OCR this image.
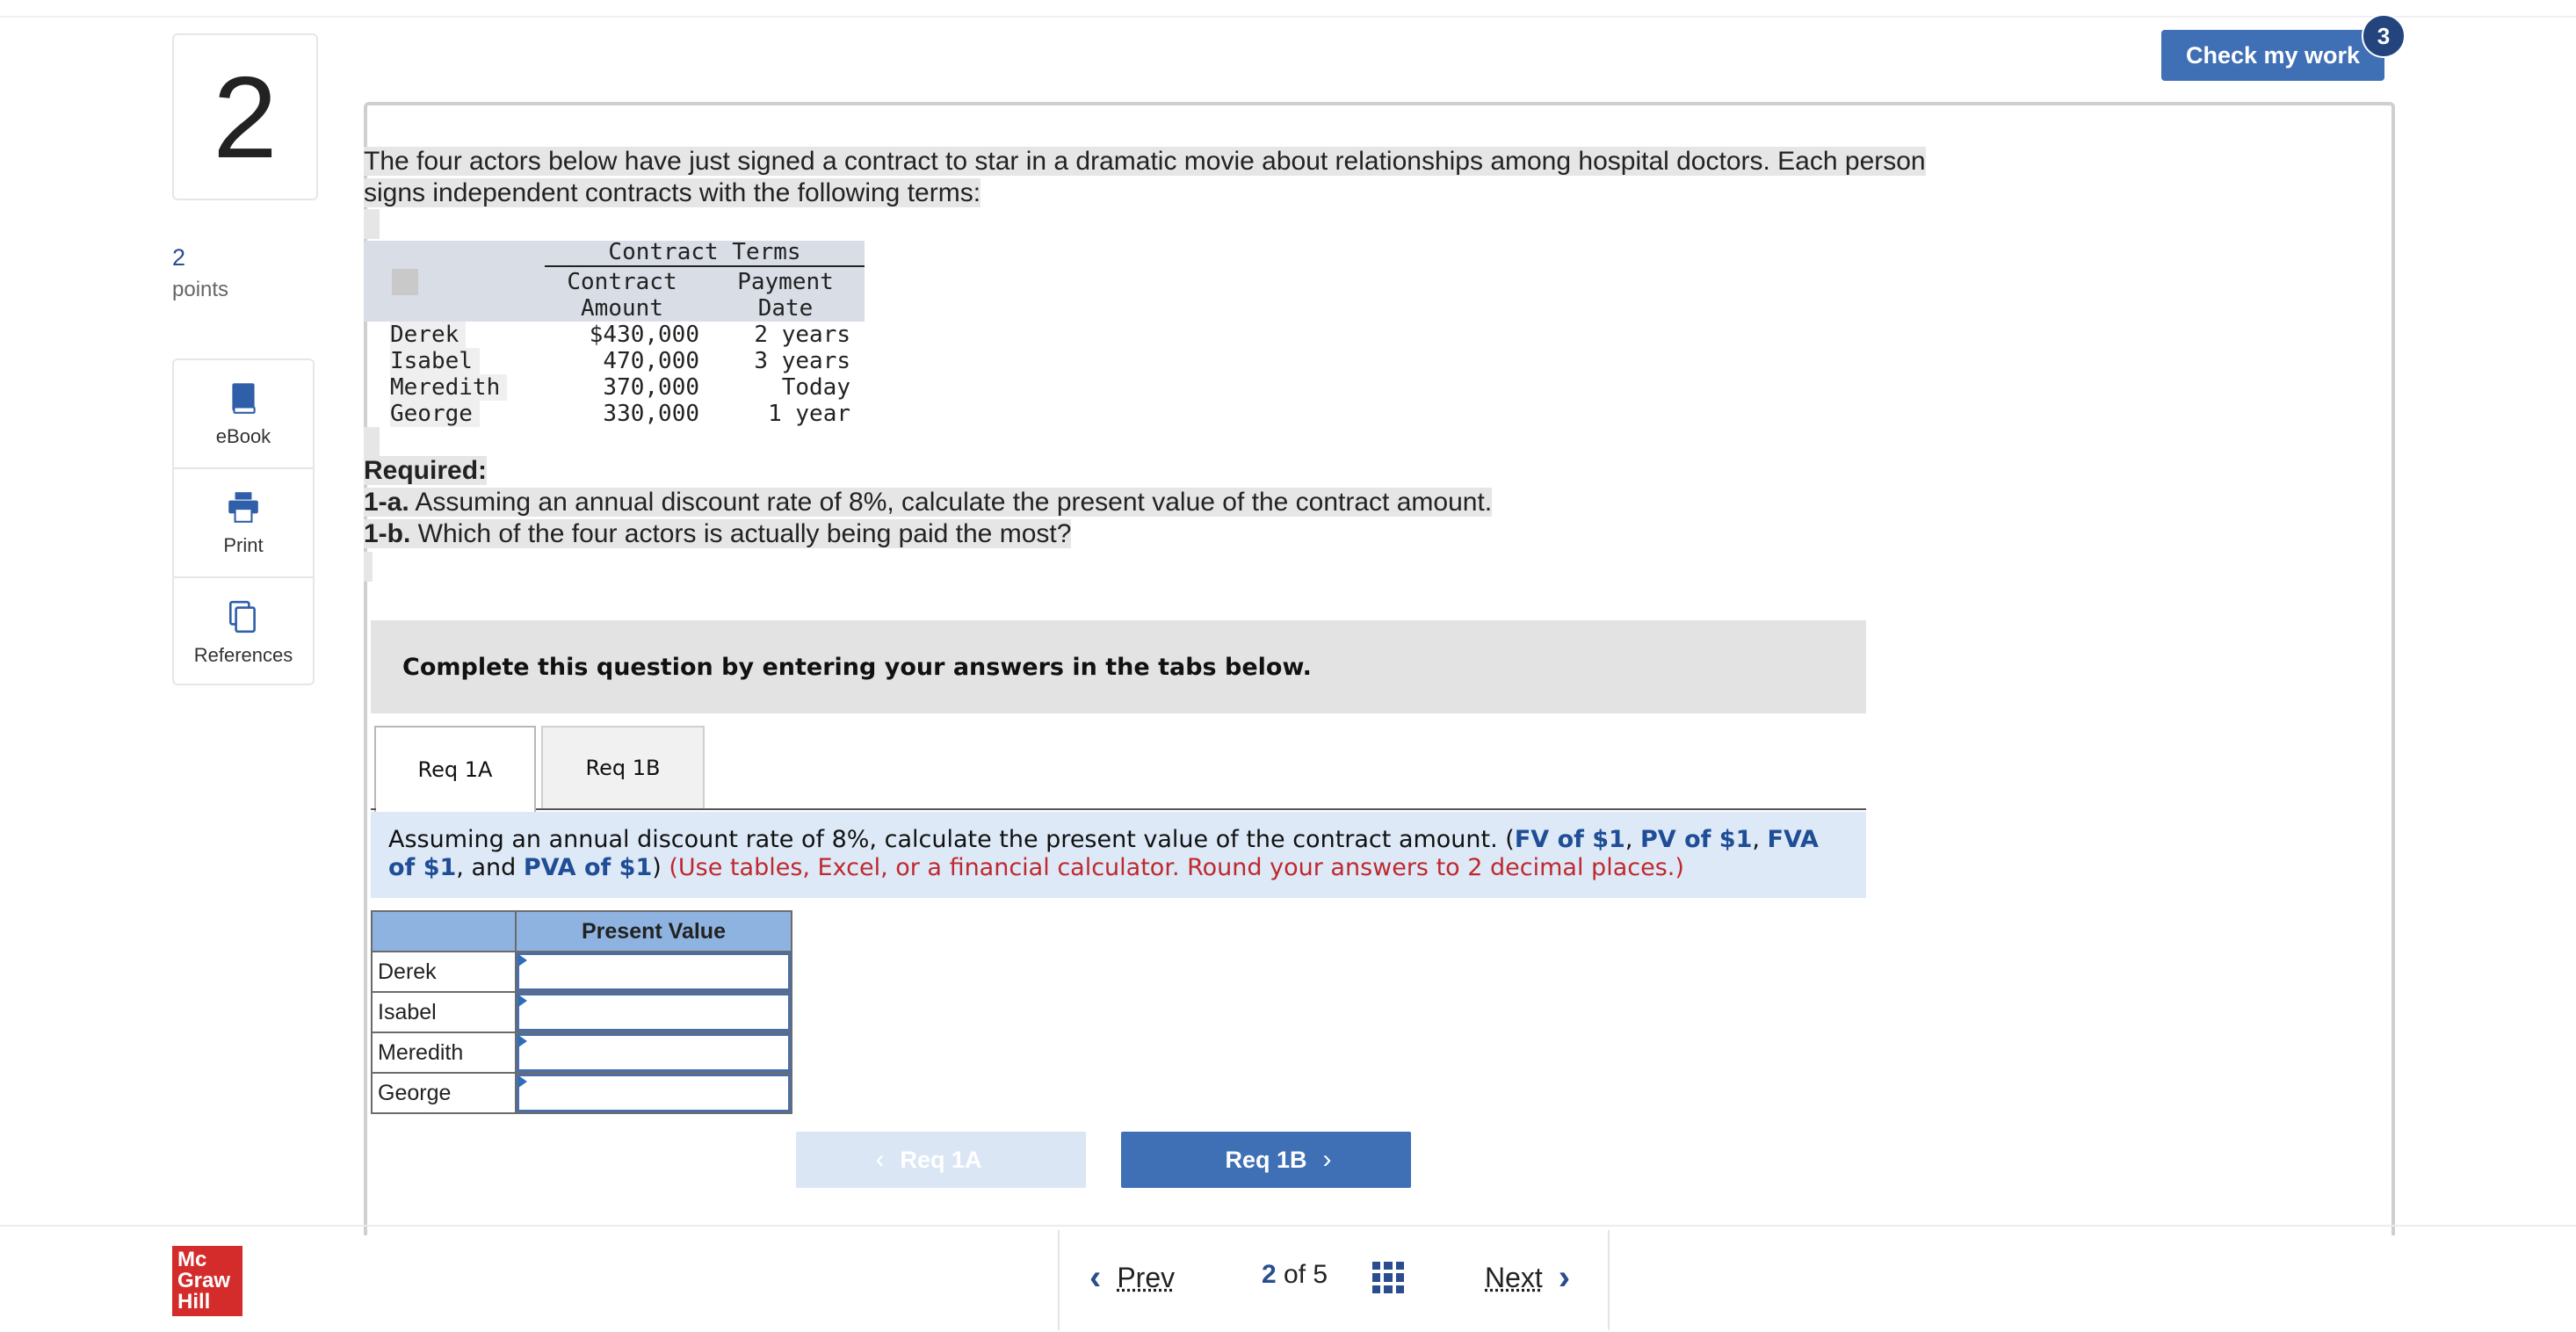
2
2
points
eBook
Print
References
Check my work
3
The four actors below have just signed a contract to star in a dramatic movie about relationships among hospital doctors. Each person
signs independent contracts with the following terms:
Contract Terms
Contract
Amount
Payment
Date
Derek	$430,000	2 years
Isabel	470,000	3 years
Meredith	370,000	Today
George	330,000	1 year
Required:
1-a. Assuming an annual discount rate of 8%, calculate the present value of the contract amount.
1-b. Which of the four actors is actually being paid the most?
Complete this question by entering your answers in the tabs below.
Req 1A	Req 1B
Assuming an annual discount rate of 8%, calculate the present value of the contract amount. (FV of $1, PV of $1, FVA of $1, and PVA of $1) (Use tables, Excel, or a financial calculator. Round your answers to 2 decimal places.)
	Present Value
Derek	

Isabel	

Meredith	

George	
‹ Req 1A	Req 1B ›
Mc
Graw
Hill
‹ Prev	2 of 5	Next ›
